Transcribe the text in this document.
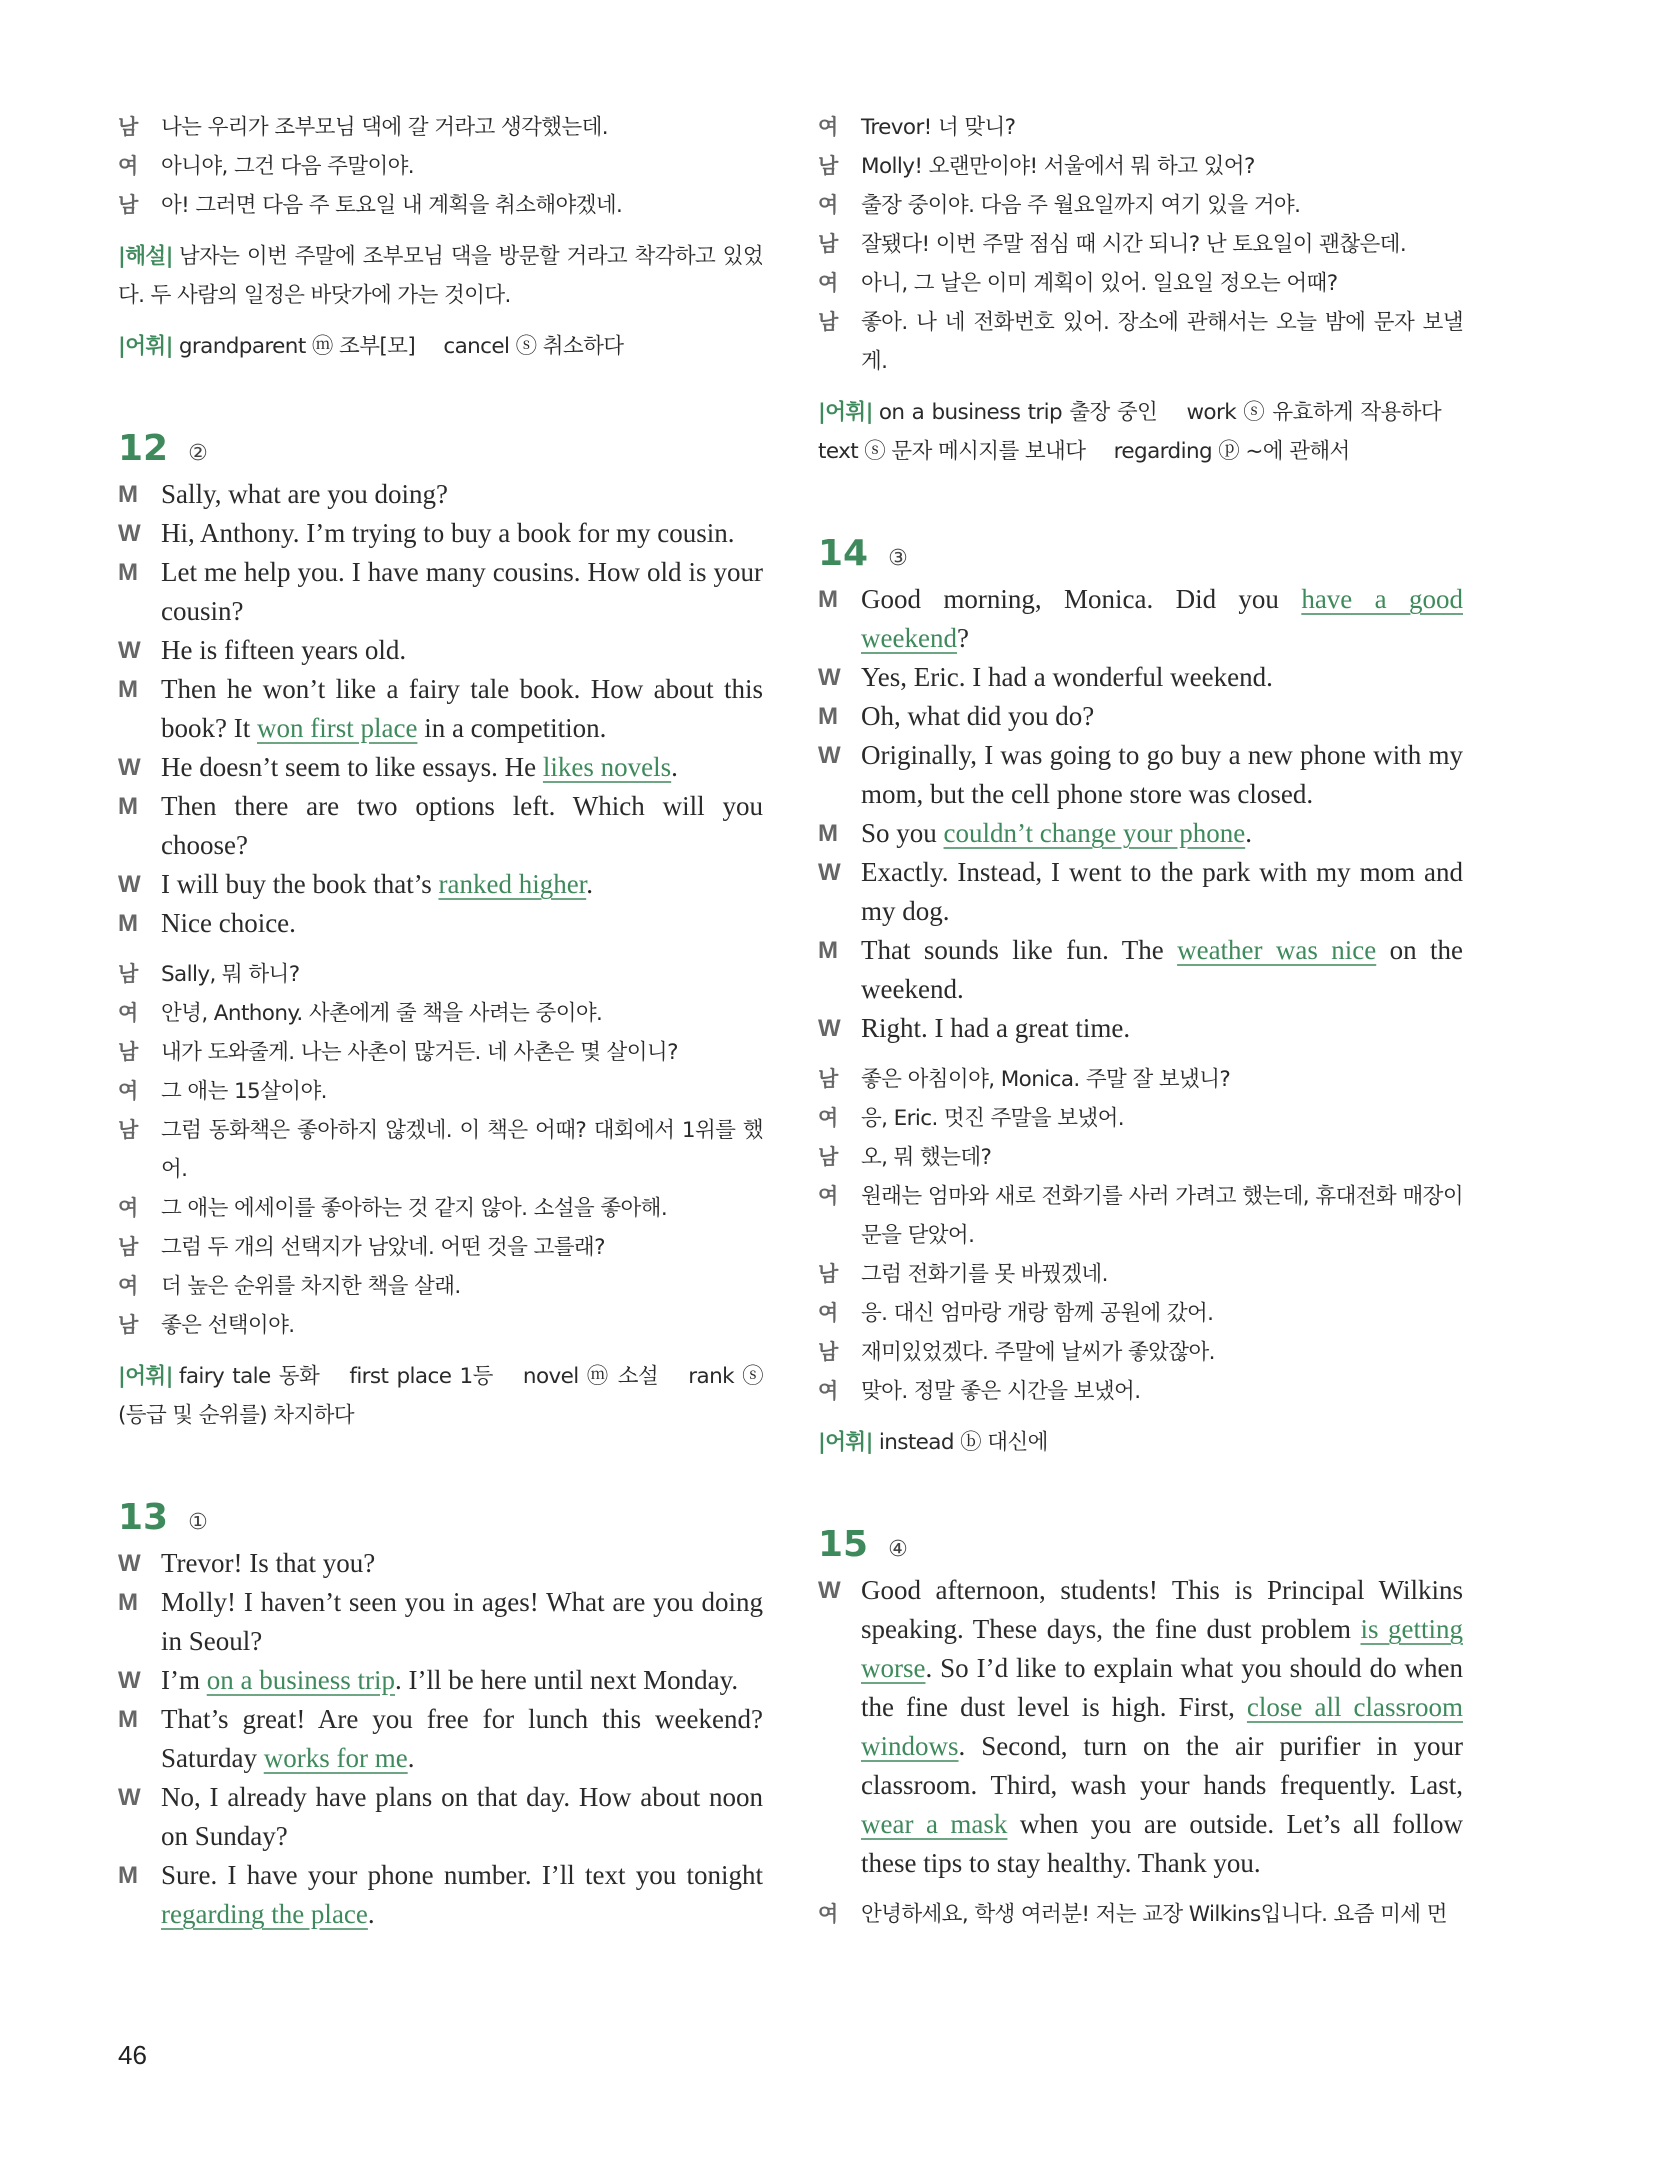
남	나는 우리가 조부모님 댁에 갈 거라고 생각했는데.
여	아니야, 그건 다음 주말이야.
남	아! 그러면 다음 주 토요일 내 계획을 취소해야겠네.
|해설| 남자는 이번 주말에 조부모님 댁을 방문할 거라고 착각하고 있었다. 두 사람의 일정은 바닷가에 가는 것이다.
|어휘| grandparent ⓜ 조부[모] cancel ⓢ 취소하다
12 ②
M Sally, what are you doing?
W Hi, Anthony. I’m trying to buy a book for my cousin.
M Let me help you. I have many cousins. How old is your cousin?
W He is fifteen years old.
M Then he won’t like a fairy tale book. How about this book? It won first place in a competition.
W He doesn’t seem to like essays. He likes novels.
M Then there are two options left. Which will you choose?
W I will buy the book that’s ranked higher.
M Nice choice.
남	Sally, 뭐 하니?
여	안녕, Anthony. 사촌에게 줄 책을 사려는 중이야.
남	내가 도와줄게. 나는 사촌이 많거든. 네 사촌은 몇 살이니?
여	그 애는 15살이야.
남	그럼 동화책은 좋아하지 않겠네. 이 책은 어때? 대회에서 1위를 했어.
여	그 애는 에세이를 좋아하는 것 같지 않아. 소설을 좋아해.
남	그럼 두 개의 선택지가 남았네. 어떤 것을 고를래?
여	더 높은 순위를 차지한 책을 살래.
남	좋은 선택이야.
|어휘| fairy tale 동화 first place 1등 novel ⓜ 소설 rank ⓢ (등급 및 순위를) 차지하다
13 ①
W Trevor! Is that you?
M Molly! I haven’t seen you in ages! What are you doing in Seoul?
W I’m on a business trip. I’ll be here until next Monday.
M That’s great! Are you free for lunch this weekend? Saturday works for me.
W No, I already have plans on that day. How about noon on Sunday?
M Sure. I have your phone number. I’ll text you tonight regarding the place.
여	Trevor! 너 맞니?
남	Molly! 오랜만이야! 서울에서 뭐 하고 있어?
여	출장 중이야. 다음 주 월요일까지 여기 있을 거야.
남	잘됐다! 이번 주말 점심 때 시간 되니? 난 토요일이 괜찮은데.
여	아니, 그 날은 이미 계획이 있어. 일요일 정오는 어때?
남	좋아. 나 네 전화번호 있어. 장소에 관해서는 오늘 밤에 문자 보낼게.
|어휘| on a business trip 출장 중인 work ⓢ 유효하게 작용하다 text ⓢ 문자 메시지를 보내다 regarding ⓟ ~에 관해서
14 ③
M Good morning, Monica. Did you have a good weekend?
W Yes, Eric. I had a wonderful weekend.
M Oh, what did you do?
W Originally, I was going to go buy a new phone with my mom, but the cell phone store was closed.
M So you couldn’t change your phone.
W Exactly. Instead, I went to the park with my mom and my dog.
M That sounds like fun. The weather was nice on the weekend.
W Right. I had a great time.
남	좋은 아침이야, Monica. 주말 잘 보냈니?
여	응, Eric. 멋진 주말을 보냈어.
남	오, 뭐 했는데?
여	원래는 엄마와 새로 전화기를 사러 가려고 했는데, 휴대전화 매장이 문을 닫았어.
남	그럼 전화기를 못 바꿨겠네.
여	응. 대신 엄마랑 개랑 함께 공원에 갔어.
남	재미있었겠다. 주말에 날씨가 좋았잖아.
여	맞아. 정말 좋은 시간을 보냈어.
|어휘| instead ⓑ 대신에
15 ④
W Good afternoon, students! This is Principal Wilkins speaking. These days, the fine dust problem is getting worse. So I’d like to explain what you should do when the fine dust level is high. First, close all classroom windows. Second, turn on the air purifier in your classroom. Third, wash your hands frequently. Last, wear a mask when you are outside. Let’s all follow these tips to stay healthy. Thank you.
여	안녕하세요, 학생 여러분! 저는 교장 Wilkins입니다. 요즘 미세 먼
46
